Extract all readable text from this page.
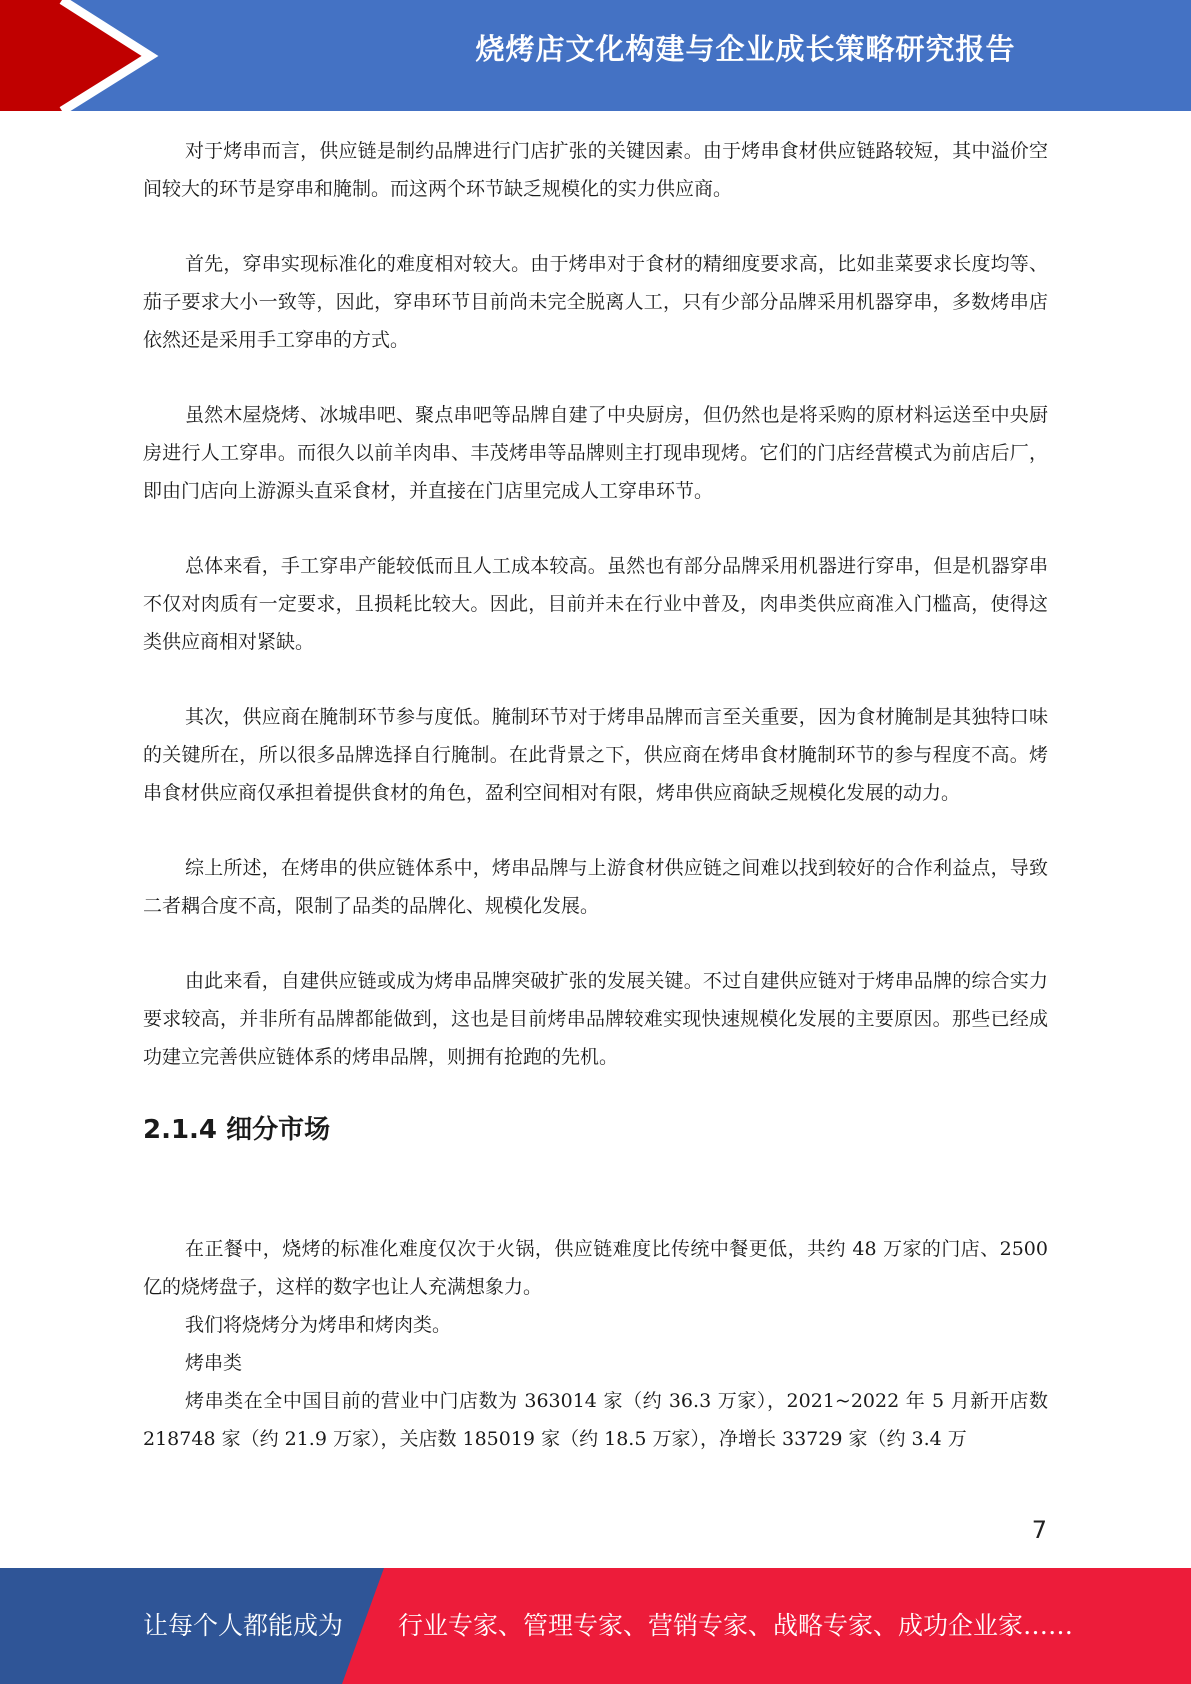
烧烤店文化构建与企业成长策略研究报告

对于烤串而言，供应链是制约品牌进行门店扩张的关键因素。由于烤串食材供应链路较短，其中溢价空间较大的环节是穿串和腌制。而这两个环节缺乏规模化的实力供应商。

首先，穿串实现标准化的难度相对较大。由于烤串对于食材的精细度要求高，比如韭菜要求长度均等、茄子要求大小一致等，因此，穿串环节目前尚未完全脱离人工，只有少部分品牌采用机器穿串，多数烤串店依然还是采用手工穿串的方式。

虽然木屋烧烤、冰城串吧、聚点串吧等品牌自建了中央厨房，但仍然也是将采购的原材料运送至中央厨房进行人工穿串。而很久以前羊肉串、丰茂烤串等品牌则主打现串现烤。它们的门店经营模式为前店后厂，即由门店向上游源头直采食材，并直接在门店里完成人工穿串环节。

总体来看，手工穿串产能较低而且人工成本较高。虽然也有部分品牌采用机器进行穿串，但是机器穿串不仅对肉质有一定要求，且损耗比较大。因此，目前并未在行业中普及，肉串类供应商准入门槛高，使得这类供应商相对紧缺。

其次，供应商在腌制环节参与度低。腌制环节对于烤串品牌而言至关重要，因为食材腌制是其独特口味的关键所在，所以很多品牌选择自行腌制。在此背景之下，供应商在烤串食材腌制环节的参与程度不高。烤串食材供应商仅承担着提供食材的角色，盈利空间相对有限，烤串供应商缺乏规模化发展的动力。

综上所述，在烤串的供应链体系中，烤串品牌与上游食材供应链之间难以找到较好的合作利益点，导致二者耦合度不高，限制了品类的品牌化、规模化发展。

由此来看，自建供应链或成为烤串品牌突破扩张的发展关键。不过自建供应链对于烤串品牌的综合实力要求较高，并非所有品牌都能做到，这也是目前烤串品牌较难实现快速规模化发展的主要原因。那些已经成功建立完善供应链体系的烤串品牌，则拥有抢跑的先机。

2.1.4 细分市场

在正餐中，烧烤的标准化难度仅次于火锅，供应链难度比传统中餐更低，共约 48 万家的门店、2500 亿的烧烤盘子，这样的数字也让人充满想象力。

我们将烧烤分为烤串和烤肉类。

烤串类

烤串类在全中国目前的营业中门店数为 363014 家（约 36.3 万家），2021~2022 年 5 月新开店数 218748 家（约 21.9 万家），关店数 185019 家（约 18.5 万家），净增长 33729 家（约 3.4 万

7
让每个人都能成为 行业专家、管理专家、营销专家、战略专家、成功企业家……
